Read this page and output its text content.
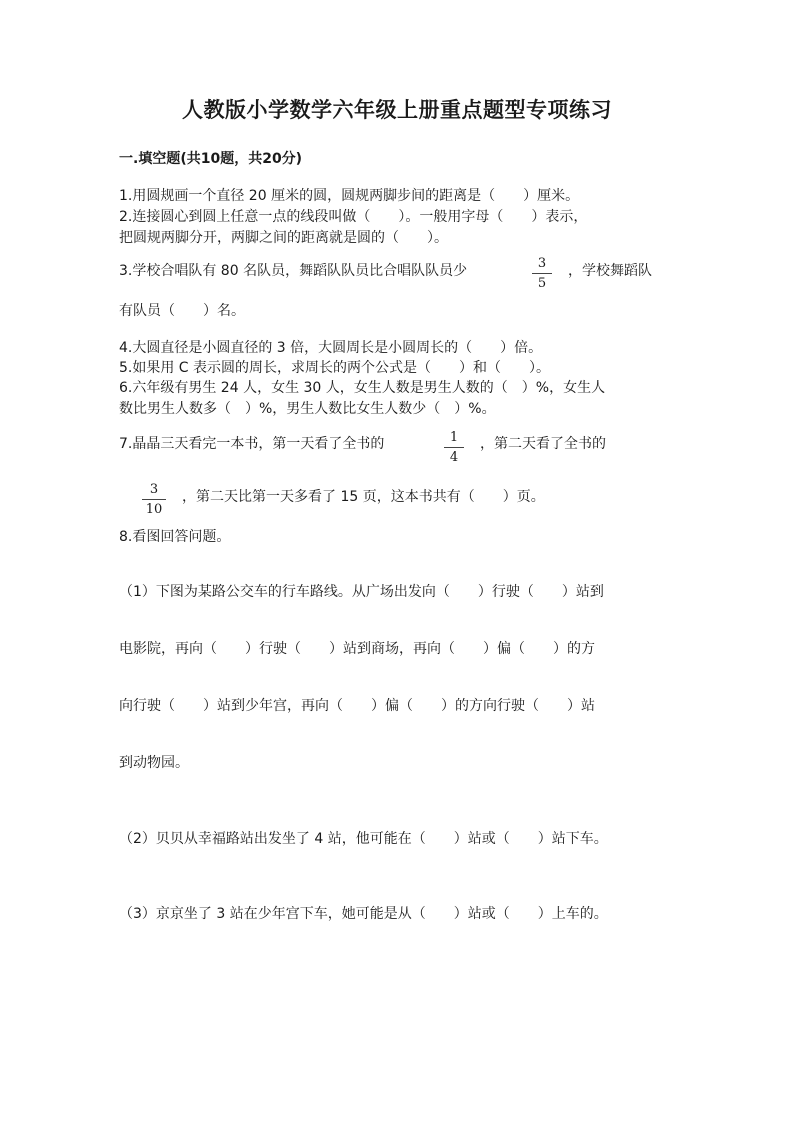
人教版小学数学六年级上册重点题型专项练习
一.填空题(共10题，共20分)
1.用圆规画一个直径 20 厘米的圆，圆规两脚步间的距离是（　　）厘米。
2.连接圆心到圆上任意一点的线段叫做（　　）。一般用字母（　　）表示，
把圆规两脚分开，两脚之间的距离就是圆的（　　）。
3.学校合唱队有 80 名队员，舞蹈队队员比合唱队队员少	3
5
，学校舞蹈队
有队员（　　）名。
4.大圆直径是小圆直径的 3 倍，大圆周长是小圆周长的（　　）倍。
5.如果用 C 表示圆的周长，求周长的两个公式是（　　）和（　　）。
6.六年级有男生 24 人，女生 30 人，女生人数是男生人数的（　）%，女生人
数比男生人数多（　）%，男生人数比女生人数少（　）%。
7.晶晶三天看完一本书，第一天看了全书的	1
4
，第二天看了全书的
3
10
，第二天比第一天多看了 15 页，这本书共有（　　）页。
8.看图回答问题。
（1）下图为某路公交车的行车路线。从广场出发向（　　）行驶（　　）站到
电影院，再向（　　）行驶（　　）站到商场，再向（　　）偏（　　）的方
向行驶（　　）站到少年宫，再向（　　）偏（　　）的方向行驶（　　）站
到动物园。
（2）贝贝从幸福路站出发坐了 4 站，他可能在（　　）站或（　　）站下车。
（3）京京坐了 3 站在少年宫下车，她可能是从（　　）站或（　　）上车的。
